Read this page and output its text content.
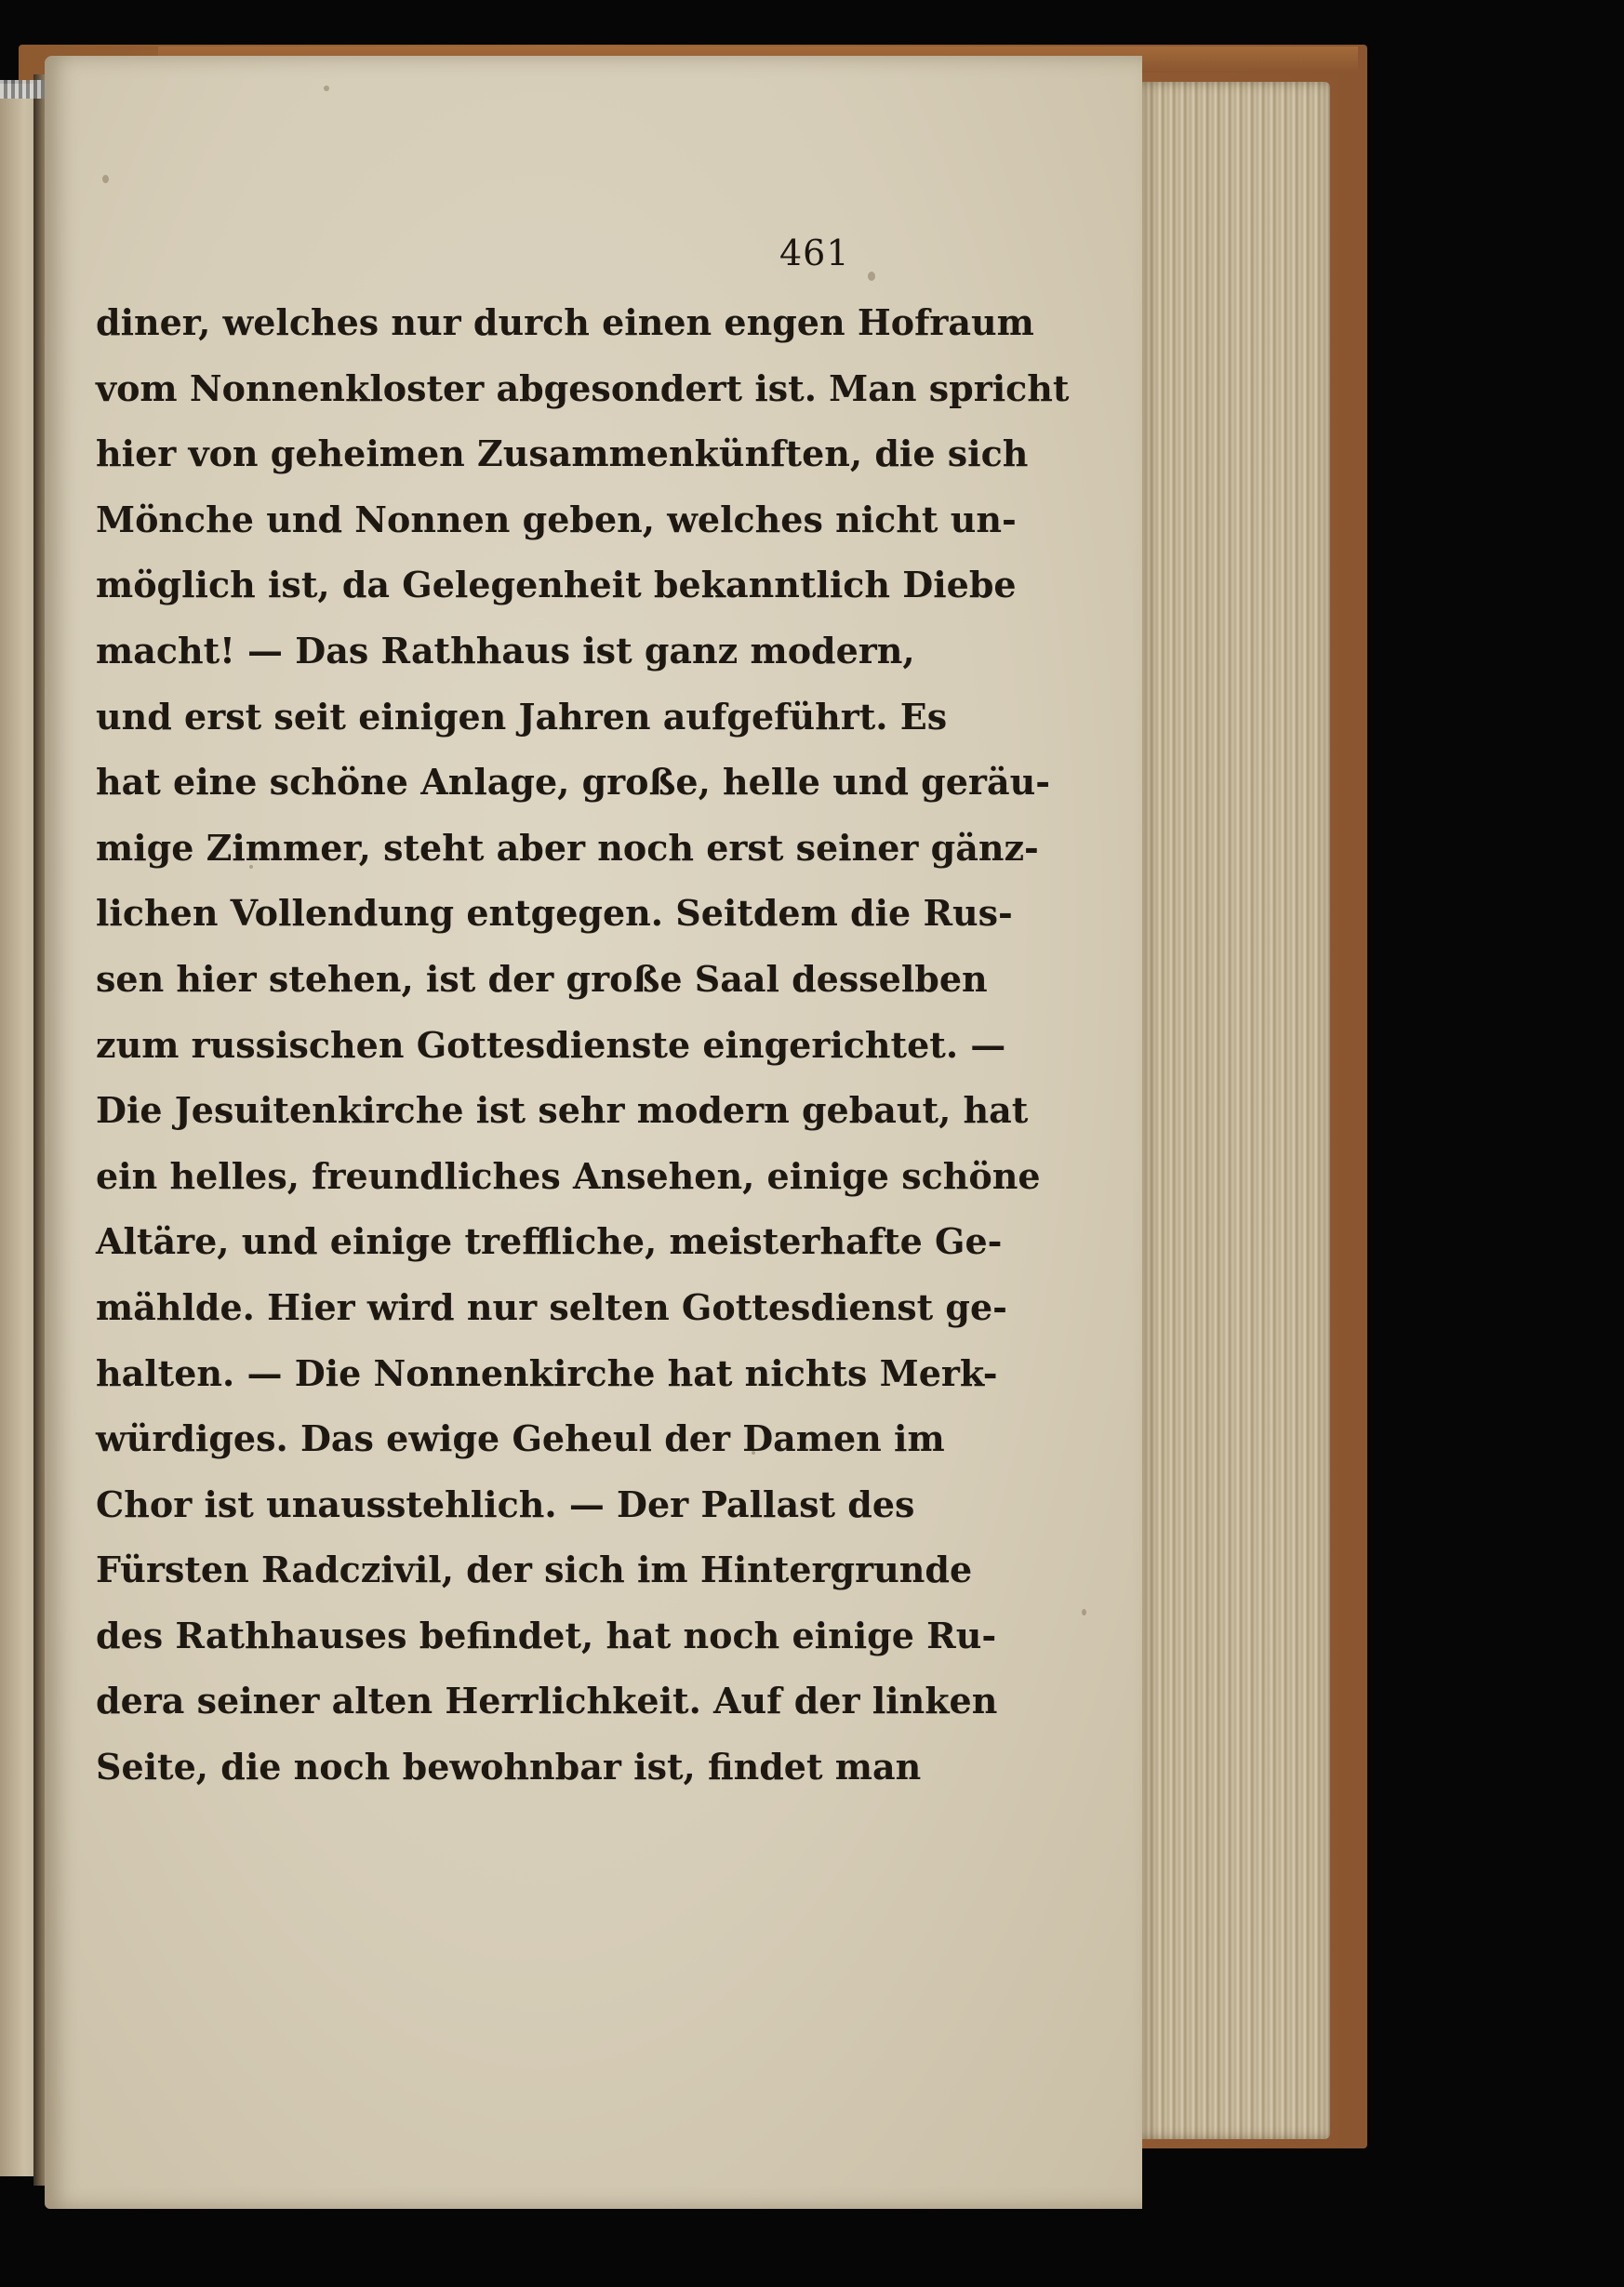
461
diner, welches nur durch einen engen Hofraum
vom Nonnenkloster abgesondert ist. Man spricht
hier von geheimen Zusammenkünften, die sich
Mönche und Nonnen geben, welches nicht un-
möglich ist, da Gelegenheit bekanntlich Diebe
macht! — Das Rathhaus ist ganz modern,
und erst seit einigen Jahren aufgeführt. Es
hat eine schöne Anlage, große, helle und geräu-
mige Zimmer, steht aber noch erst seiner gänz-
lichen Vollendung entgegen. Seitdem die Rus-
sen hier stehen, ist der große Saal desselben
zum russischen Gottesdienste eingerichtet. —
Die Jesuitenkirche ist sehr modern gebaut, hat
ein helles, freundliches Ansehen, einige schöne
Altäre, und einige treffliche, meisterhafte Ge-
mählde. Hier wird nur selten Gottesdienst ge-
halten. — Die Nonnenkirche hat nichts Merk-
würdiges. Das ewige Geheul der Damen im
Chor ist unausstehlich. — Der Pallast des
Fürsten Radczivil, der sich im Hintergrunde
des Rathhauses befindet, hat noch einige Ru-
dera seiner alten Herrlichkeit. Auf der linken
Seite, die noch bewohnbar ist, findet man
